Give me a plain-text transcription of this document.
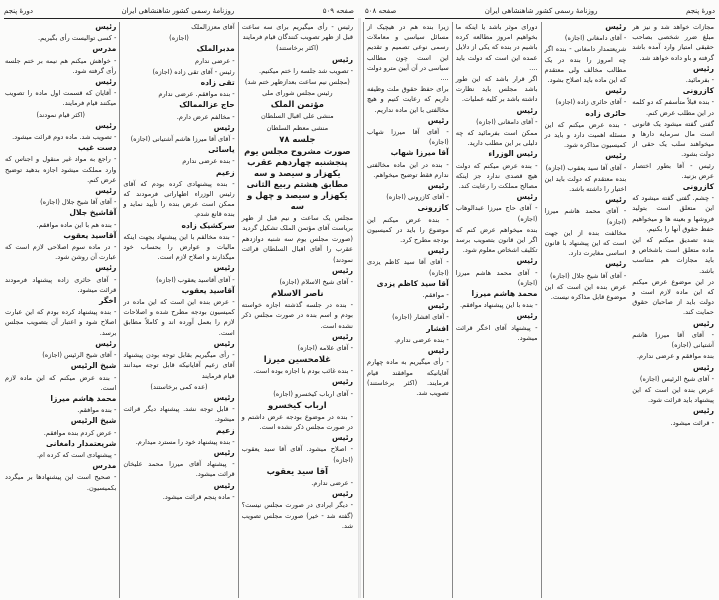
صفحه ۵۰۹
روزنامهٔ رسمی کشور شاهنشاهی ایران
دورهٔ پنجم

رئیس - رأی میگیریم برای سه ساعت قبل از ظهر تصویب کنندگان قیام فرمایند

(اکثر برخاستند)

رئیس

- تصویب شد جلسه را ختم میکنیم.

(مجلس نیم ساعت بعدازظهر ختم شد)

رئیس مجلس شورای ملی

مؤتمن الملک

منشی علی اقبال السلطان

منشی معظم السلطان

جلسه ۷۸

صورت مشروح مجلس یوم پنجشنبه چهاردهم عقرب یکهزار و سیصد و سه مطابق هشتم ربیع الثانی یکهزار و سیصد و چهل و سه

مجلس یک ساعت و نیم قبل از ظهر بریاست آقای مؤتمن الملک تشکیل گردید

(صورت مجلس یوم سه شنبه دوازدهم عقرب را آقای اقبال السلطان قرائت نمودند)

رئیس

- آقای شیخ الاسلام (اجازه)

ناصر الاسلام

- بنده در جلسه گذشته اجازه خواسته بودم و اسم بنده در صورت مجلس ذکر نشده است.

رئیس

- آقای علامه (اجازه)

غلامحسین میرزا

- بنده غائب بودم با اجازه بوده است.

رئیس

- آقای ارباب کیخسرو (اجازه)

ارباب کیخسرو

- بنده در موضوع بودجه عرض داشتم و در صورت مجلس ذکر نشده است.

رئیس

- اصلاح میشود. آقای آقا سید یعقوب (اجازه)

آقا سید یعقوب

- عرضی ندارم.

رئیس

- دیگر ایرادی در صورت مجلس نیست؟ (گفته شد - خیر) صورت مجلس تصویب شد.

آقای معززالملک

(اجازه)

مدبرالملک

- عرضی ندارم

رئیس - آقای تقی زاده (اجازه)

تقی زاده

- بنده موافقم. عرضی ندارم

حاج عزالممالک

- مخالفم عرض دارم.

رئیس

- آقای آقا میرزا هاشم آشتیانی (اجازه)

یاسائی

- بنده عرضی ندارم

زعیم

- بنده پیشنهادی کرده بودم که آقای رئیس الوزراء اظهاراتی فرمودند که ممکن است عرض بنده را تأیید نماید و بنده قانع شدم.

سرکشیک زاده

- بنده مخالفم با این پیشنهاد بجهت اینکه مالیات و عوارض را بحساب خود میگذارند و اصلاح لازم است.

رئیس

- آقای آقاسید یعقوب (اجازه)

آقاسید یعقوب

- عرض بنده این است که این ماده در کمیسیون بودجه مطرح شده و اصلاحات لازم را بعمل آورده اند و کاملاً مطابق است.

رئیس

- رأی میگیریم بقابل توجه بودن پیشنهاد آقای زعیم آقایانیکه قابل توجه میدانند قیام فرمایند

(عده کمی برخاستند)

رئیس

- قابل توجه نشد. پیشنهاد دیگر قرائت میشود.

زعیم

- بنده پیشنهاد خود را مسترد میدارم.

رئیس

- پیشنهاد آقای میرزا محمد علیخان قرائت میشود.

رئیس

- ماده پنجم قرائت میشود.

رئیس

- کسی توالیست رأی بگیریم.

مدرس

- خواهش میکنم هم نیمه بر ختم جلسه رأی گرفته شود.

رئیس

- آقایان که قسمت اول ماده را تصویب میکنند قیام فرمایند.

(اکثر قیام نمودند)

رئیس

- تصویب شد. ماده دوم قرائت میشود.

دست غیب

- راجع به مواد غیر منقول و اجناس که وارد مملکت میشود اجازه بدهید توضیح عرض کنم.

رئیس

- آقای آقا شیخ جلال (اجازه)

آقاشیخ جلال

- بنده هم با این ماده موافقم.

آقاسید یعقوب

- در ماده سوم اصلاحی لازم است که عبارت آن روشن شود.

رئیس

- آقای حائری زاده پیشنهاد فرمودند قرائت میشود.

اخگر

- بنده پیشنهاد کرده بودم که این عبارت اصلاح شود و اعتبار آن بتصویب مجلس برسد.

رئیس

- آقای شیخ الرئیس (اجازه)

شیخ الرئیس

- بنده عرض میکنم که این ماده لازم است.

محمد هاشم میرزا

- بنده موافقم.

شیخ الرئیس

- عرض کردم بنده موافقم.

شریعتمدار دامغانی

- پیشنهادی است که کرده ام.

مدرس

- صحیح است این پیشنهادها بر میگردد بکمیسیون.

دورهٔ پنجم
روزنامهٔ رسمی کشور شاهنشاهی ایران
صفحه ۵۰۸

زیرا بنده هم در هیچیک از مسائل سیاسی و معاملات رسمی نوعی تصمیم و تقدیم این است چون مطالب سیاسی در آن آیین مترو دولت ....

برای حفظ حقوق ملت وظیفه داریم که رعایت کنیم و هیچ مخالفتی با این ماده نداریم.

رئیس

- آقای آقا میرزا شهاب (اجازه)

آقا میرزا شهاب

- بنده در این ماده مخالفتی ندارم فقط توضیح میخواهم.

رئیس

- آقای کازرونی (اجازه)

کازرونی

- بنده عرض میکنم این موضوع را باید در کمیسیون بودجه مطرح کرد.

رئیس

- آقای آقا سید کاظم یزدی (اجازه)

آقا سید کاظم یزدی

- موافقم.

رئیس

- آقای افشار (اجازه)

افشار

- بنده عرضی ندارم.

رئیس

- رأی میگیریم به ماده چهارم آقایانیکه موافقند قیام فرمایند. (اکثر برخاستند) تصویب شد.

دورای موثر باشد یا اینکه ما بخواهیم امروز مطالعه کرده باشیم در بنده که یکی از دلایل عمده این است که دولت باید ....

اگر قرار باشد که این طور باشد مجلس باید نظارت داشته باشد بر کلیه عملیات.

رئیس

- آقای دامغانی (اجازه)

ممکن است بفرمائید که چه دلیلی بر این مطلب دارید.

رئیس الوزراء

- بنده عرض میکنم که دولت هیچ قصدی ندارد جز اینکه مصالح مملکت را رعایت کند.

رئیس

- آقای حاج میرزا عبدالوهاب (اجازه)

بنده میخواهم عرض کنم که اگر این قانون بتصویب برسد تکلیف اشخاص معلوم شود.

رئیس

- آقای محمد هاشم میرزا (اجازه)

محمد هاشم میرزا

- بنده با این پیشنهاد موافقم.

رئیس

- پیشنهاد آقای اخگر قرائت میشود.

رئیس

- آقای دامغانی (اجازه)

شریعتمدار دامغانی - بنده اگر چه امروز را بنده در یک مطالب مخالف ولی معتقدم که این ماده باید اصلاح بشود.

رئیس

- آقای حائری زاده (اجازه)

حائری زاده

- بنده عرض میکنم که این مسئله اهمیت دارد و باید در کمیسیون مذاکره شود.

رئیس

- آقای آقا سید یعقوب (اجازه)

بنده معتقدم که دولت باید این اختیار را داشته باشد.

رئیس

- آقای محمد هاشم میرزا (اجازه)

مخالفت بنده از این جهت است که این پیشنهاد با قانون اساسی مغایرت دارد.

رئیس

- آقای آقا شیخ جلال (اجازه)

عرض بنده این است که این موضوع قابل مذاکره نیست.

مجازات خواهد شد و نیز هر مبلغ ضرر شخصی بصاحب حقیقی امتیاز وارد آمده باشد گرفته و باو داده خواهد شد.

رئیس

- بفرمائید.

کازرونی

- بنده قبلاً متأسفم که دو کلمه در این مطلب عرض کنم.

گفتی گفته میشود یک قانونی است مال سرمایه دارها و میخواهند سلب یک حقی از دولت بشود.

رئیس - آقا بطور اختصار عرض بزنید.

کازرونی

- چشم. گفتی گفته میشود که این متعلق است بتولید فروشها و بعینه ها و میخواهیم حفظ حقوق آنها را بکنیم.

بنده تصدیق میکنم که این ماده متعلق است باشخاص و باید مجازات هم متناسب باشد.

در این موضوع عرض میکنم که این ماده لازم است و دولت باید از صاحبان حقوق حمایت کند.

رئیس

- آقای آقا میرزا هاشم آشتیانی (اجازه)

بنده موافقم و عرضی ندارم.

رئیس

- آقای شیخ الرئیس (اجازه)

عرض بنده این است که این پیشنهاد باید قرائت شود.

رئیس

- قرائت میشود.
